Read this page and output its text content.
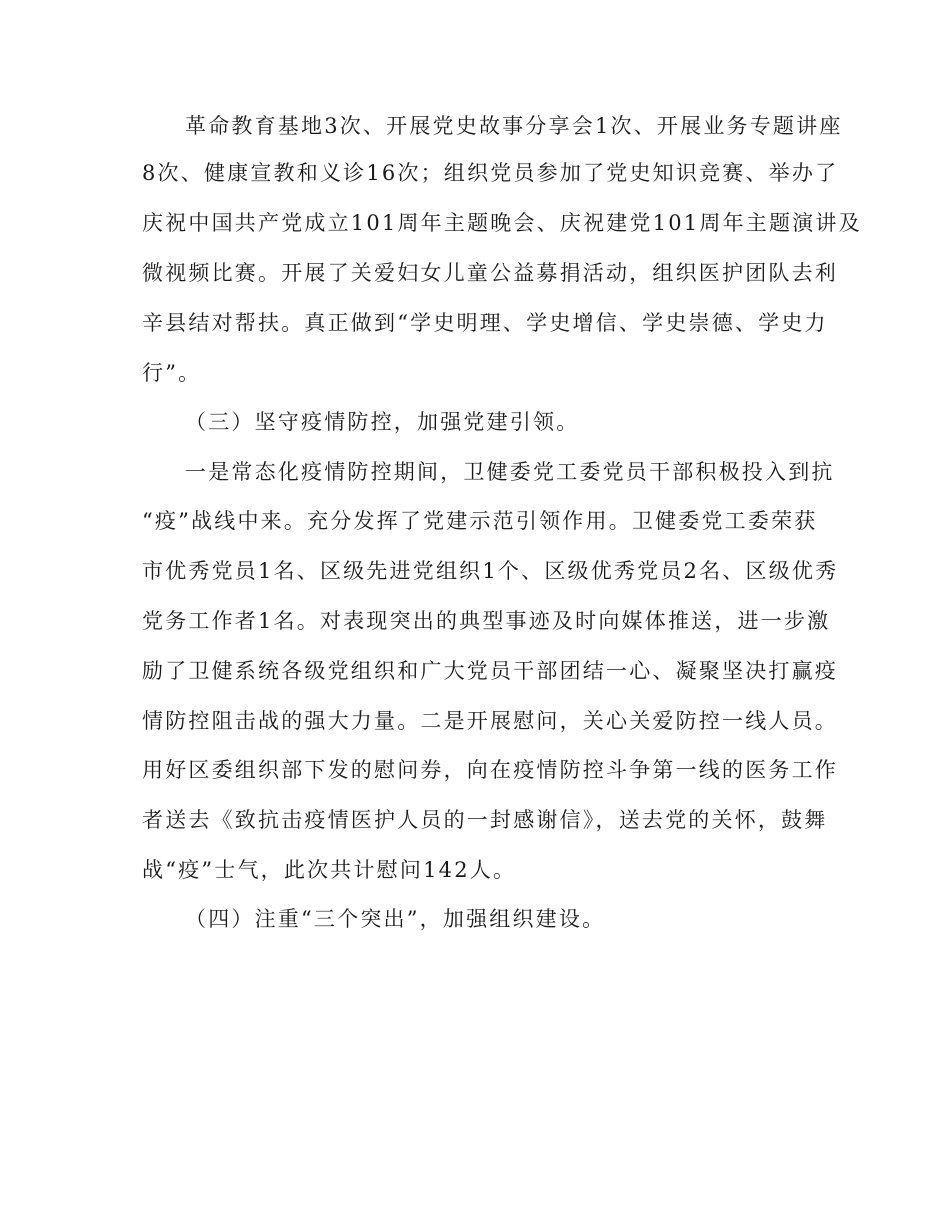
革命教育基地3次、开展党史故事分享会1次、开展业务专题讲座
8次、健康宣教和义诊16次；组织党员参加了党史知识竞赛、举办了
庆祝中国共产党成立101周年主题晚会、庆祝建党101周年主题演讲及
微视频比赛。开展了关爱妇女儿童公益募捐活动，组织医护团队去利
辛县结对帮扶。真正做到“学史明理、学史增信、学史崇德、学史力
行”。
（三）坚守疫情防控，加强党建引领。
一是常态化疫情防控期间，卫健委党工委党员干部积极投入到抗
“疫”战线中来。充分发挥了党建示范引领作用。卫健委党工委荣获
市优秀党员1名、区级先进党组织1个、区级优秀党员2名、区级优秀
党务工作者1名。对表现突出的典型事迹及时向媒体推送，进一步激
励了卫健系统各级党组织和广大党员干部团结一心、凝聚坚决打赢疫
情防控阻击战的强大力量。二是开展慰问，关心关爱防控一线人员。
用好区委组织部下发的慰问券，向在疫情防控斗争第一线的医务工作
者送去《致抗击疫情医护人员的一封感谢信》，送去党的关怀，鼓舞
战“疫”士气，此次共计慰问142人。
（四）注重“三个突出”，加强组织建设。
